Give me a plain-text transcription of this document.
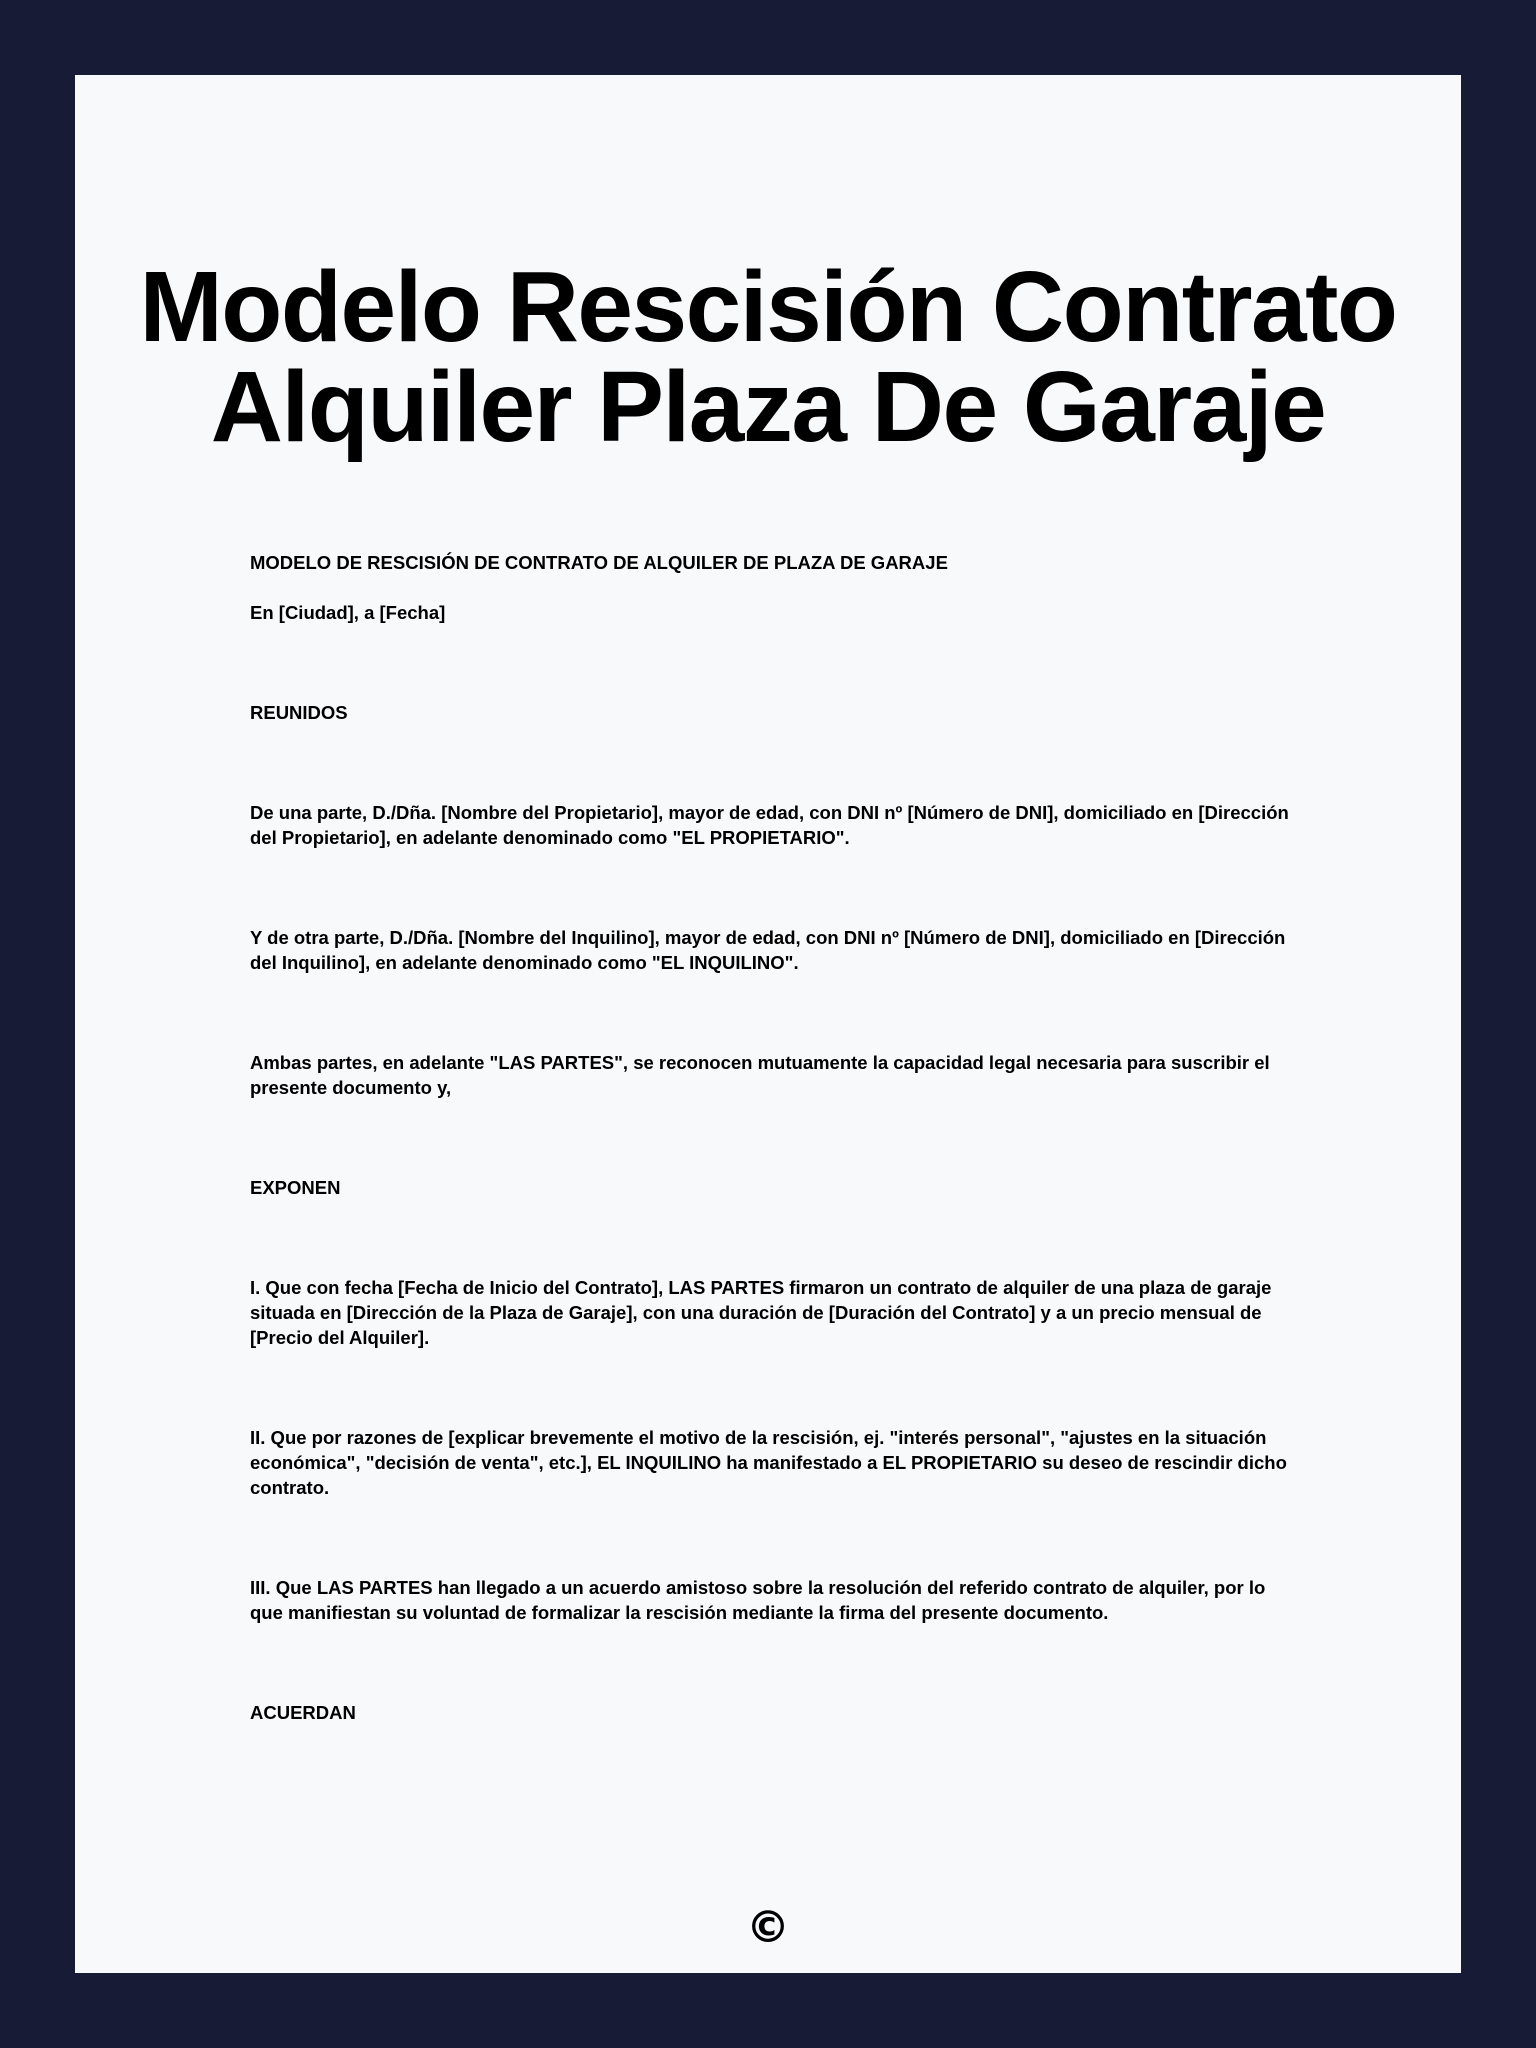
Modelo Rescisión Contrato
Alquiler Plaza De Garaje

MODELO DE RESCISIÓN DE CONTRATO DE ALQUILER DE PLAZA DE GARAJE

En [Ciudad], a [Fecha]

REUNIDOS

De una parte, D./Dña. [Nombre del Propietario], mayor de edad, con DNI nº [Número de DNI], domiciliado en [Dirección del Propietario], en adelante denominado como "EL PROPIETARIO".

Y de otra parte, D./Dña. [Nombre del Inquilino], mayor de edad, con DNI nº [Número de DNI], domiciliado en [Dirección del Inquilino], en adelante denominado como "EL INQUILINO".

Ambas partes, en adelante "LAS PARTES", se reconocen mutuamente la capacidad legal necesaria para suscribir el presente documento y,

EXPONEN

I. Que con fecha [Fecha de Inicio del Contrato], LAS PARTES firmaron un contrato de alquiler de una plaza de garaje situada en [Dirección de la Plaza de Garaje], con una duración de [Duración del Contrato] y a un precio mensual de [Precio del Alquiler].

II. Que por razones de [explicar brevemente el motivo de la rescisión, ej. "interés personal", "ajustes en la situación económica", "decisión de venta", etc.], EL INQUILINO ha manifestado a EL PROPIETARIO su deseo de rescindir dicho contrato.

III. Que LAS PARTES han llegado a un acuerdo amistoso sobre la resolución del referido contrato de alquiler, por lo que manifiestan su voluntad de formalizar la rescisión mediante la firma del presente documento.

ACUERDAN

©
